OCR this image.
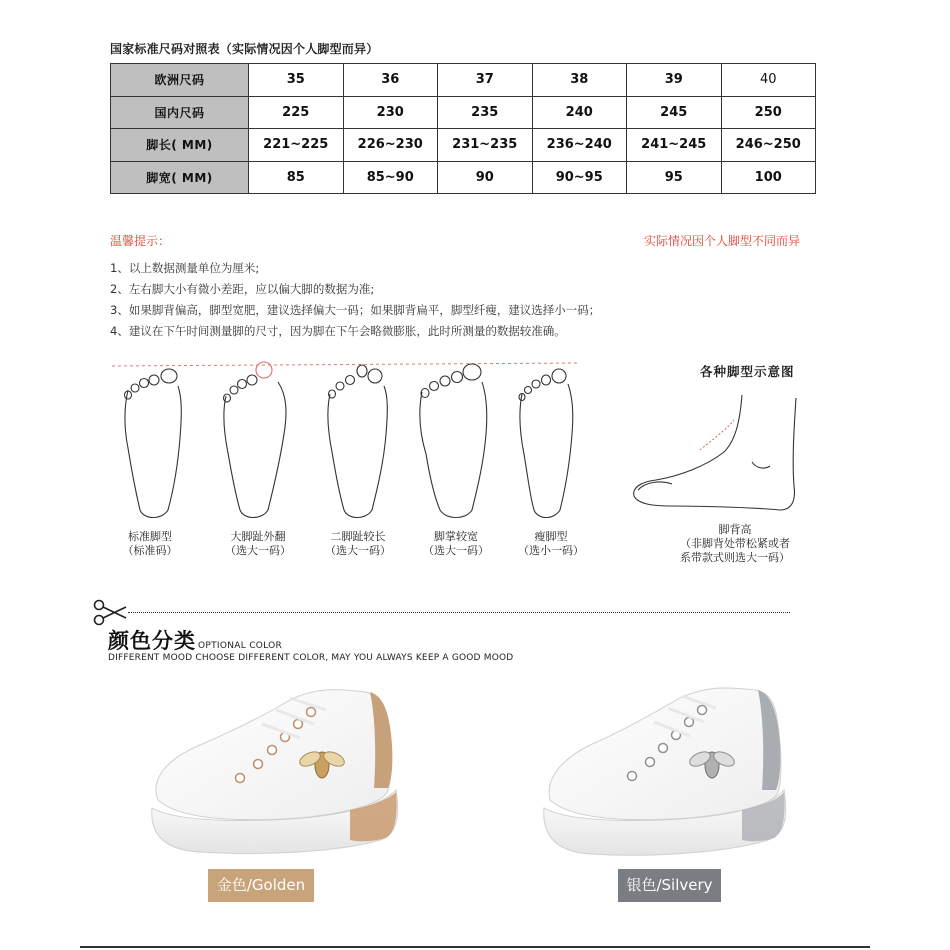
国家标准尺码对照表（实际情况因个人脚型而异）
欧洲尺码	35	36	37	38	39	40
国内尺码	225	230	235	240	245	250
脚长( MM)	221~225	226~230	231~235	236~240	241~245	246~250
脚宽( MM)	85	85~90	90	90~95	95	100
温馨提示：	实际情况因个人脚型不同而异
1、以上数据测量单位为厘米;
2、左右脚大小有微小差距，应以偏大脚的数据为准;
3、如果脚背偏高，脚型宽肥，建议选择偏大一码；如果脚背扁平，脚型纤瘦，建议选择小一码；
4、建议在下午时间测量脚的尺寸，因为脚在下午会略微膨胀，此时所测量的数据较准确。
标准脚型
（标准码）
大脚趾外翻
（选大一码）
二脚趾较长
（选大一码）
脚掌较宽
（选大一码）
瘦脚型
（选小一码）
各种脚型示意图
脚背高
（非脚背处带松紧或者
系带款式则选大一码）
颜色分类 OPTIONAL COLOR
DIFFERENT MOOD CHOOSE DIFFERENT COLOR, MAY YOU ALWAYS KEEP A GOOD MOOD
金色/Golden	银色/Silvery
